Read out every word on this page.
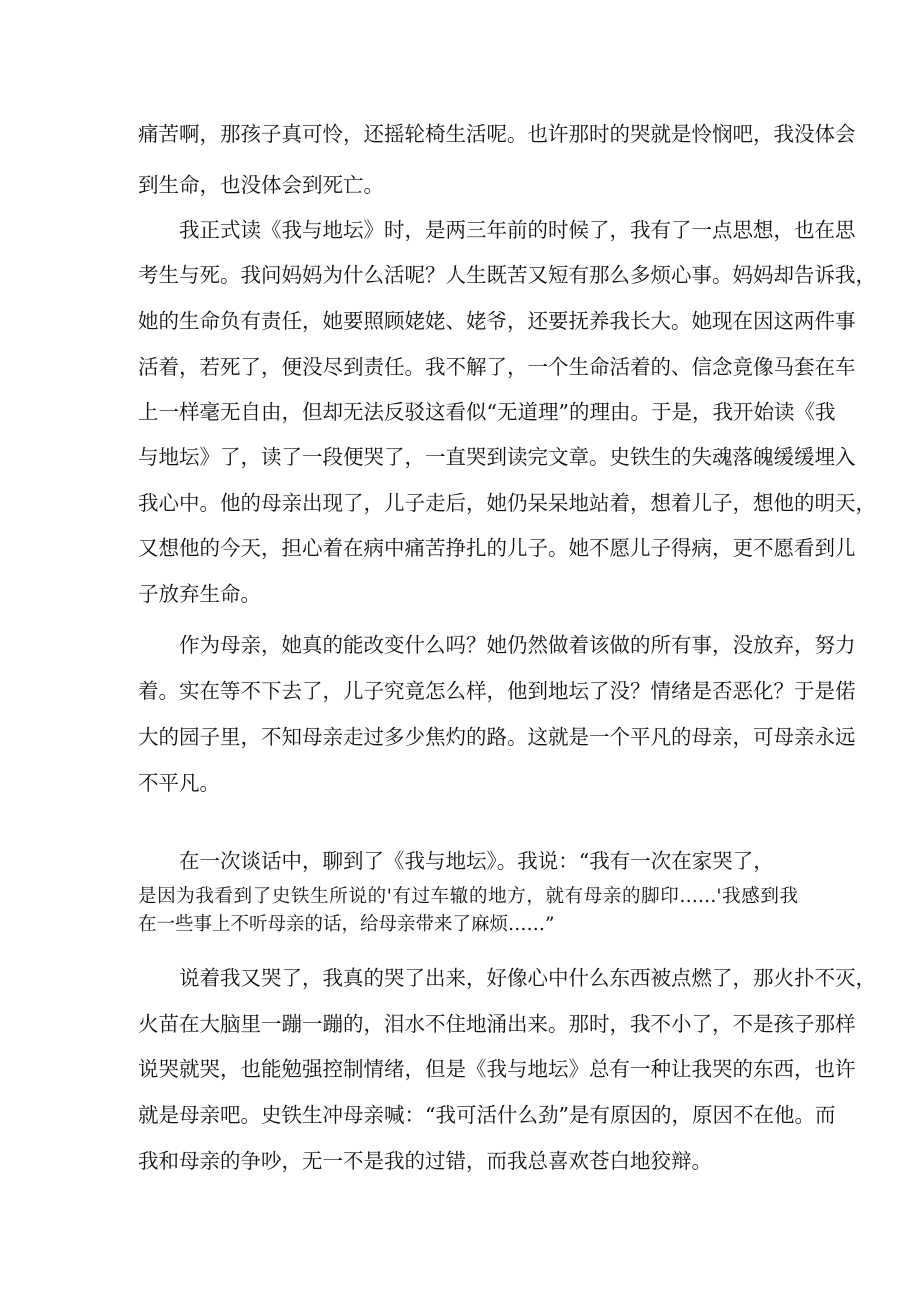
痛苦啊，那孩子真可怜，还摇轮椅生活呢。也许那时的哭就是怜悯吧，我没体会
到生命，也没体会到死亡。
我正式读《我与地坛》时，是两三年前的时候了，我有了一点思想，也在思
考生与死。我问妈妈为什么活呢？人生既苦又短有那么多烦心事。妈妈却告诉我，
她的生命负有责任，她要照顾姥姥、姥爷，还要抚养我长大。她现在因这两件事
活着，若死了，便没尽到责任。我不解了，一个生命活着的、信念竟像马套在车
上一样毫无自由，但却无法反驳这看似“无道理”的理由。于是，我开始读《我
与地坛》了，读了一段便哭了，一直哭到读完文章。史铁生的失魂落魄缓缓埋入
我心中。他的母亲出现了，儿子走后，她仍呆呆地站着，想着儿子，想他的明天，
又想他的今天，担心着在病中痛苦挣扎的儿子。她不愿儿子得病，更不愿看到儿
子放弃生命。
作为母亲，她真的能改变什么吗？她仍然做着该做的所有事，没放弃，努力
着。实在等不下去了，儿子究竟怎么样，他到地坛了没？情绪是否恶化？于是偌
大的园子里，不知母亲走过多少焦灼的路。这就是一个平凡的母亲，可母亲永远
不平凡。
在一次谈话中，聊到了《我与地坛》。我说：“我有一次在家哭了，
是因为我看到了史铁生所说的'有过车辙的地方，就有母亲的脚印……'我感到我
在一些事上不听母亲的话，给母亲带来了麻烦……”
说着我又哭了，我真的哭了出来，好像心中什么东西被点燃了，那火扑不灭，
火苗在大脑里一蹦一蹦的，泪水不住地涌出来。那时，我不小了，不是孩子那样
说哭就哭，也能勉强控制情绪，但是《我与地坛》总有一种让我哭的东西，也许
就是母亲吧。史铁生冲母亲喊：“我可活什么劲”是有原因的，原因不在他。而
我和母亲的争吵，无一不是我的过错，而我总喜欢苍白地狡辩。
